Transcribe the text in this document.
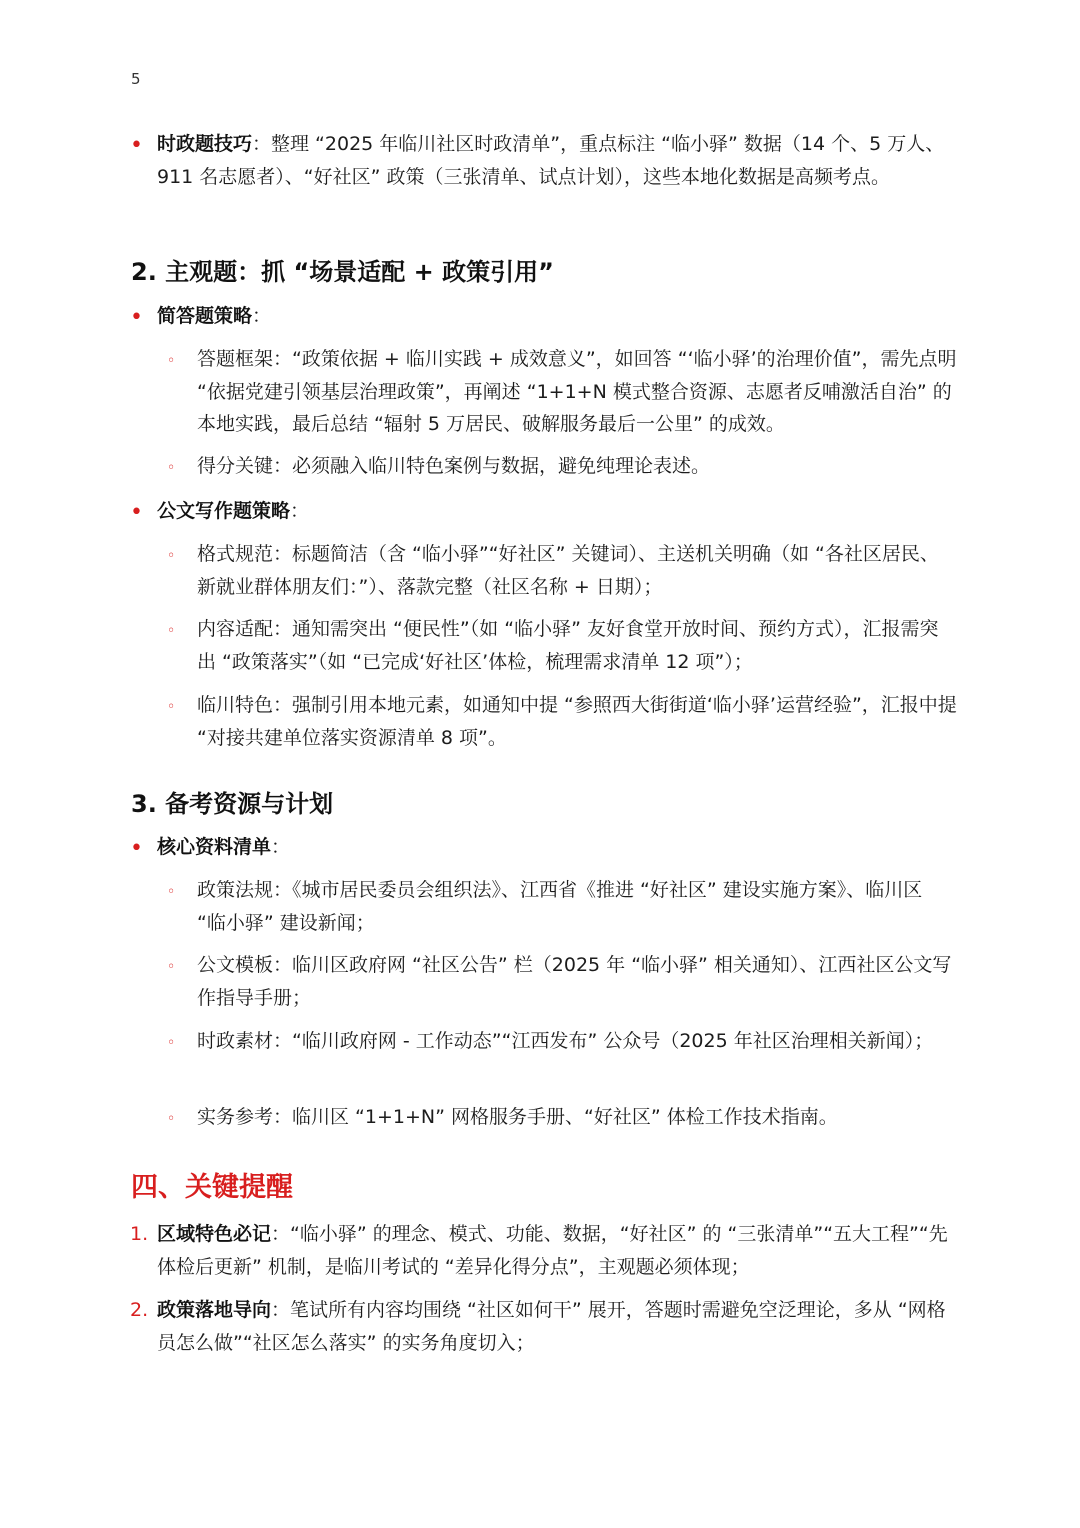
5
• 时政题技巧：整理 “2025 年临川社区时政清单”，重点标注 “临小驿” 数据（14 个、5 万人、911 名志愿者）、“好社区” 政策（三张清单、试点计划），这些本地化数据是高频考点。
2. 主观题：抓 “场景适配 + 政策引用”
• 简答题策略：
◦ 答题框架：“政策依据 + 临川实践 + 成效意义”，如回答 “‘临小驿’的治理价值”，需先点明 “依据党建引领基层治理政策”，再阐述 “1+1+N 模式整合资源、志愿者反哺激活自治” 的本地实践，最后总结 “辐射 5 万居民、破解服务最后一公里” 的成效。
◦ 得分关键：必须融入临川特色案例与数据，避免纯理论表述。
• 公文写作题策略：
◦ 格式规范：标题简洁（含 “临小驿”“好社区” 关键词）、主送机关明确（如 “各社区居民、新就业群体朋友们：”）、落款完整（社区名称 + 日期）；
◦ 内容适配：通知需突出 “便民性”（如 “临小驿” 友好食堂开放时间、预约方式），汇报需突出 “政策落实”（如 “已完成‘好社区’体检，梳理需求清单 12 项”）；
◦ 临川特色：强制引用本地元素，如通知中提 “参照西大街街道‘临小驿’运营经验”，汇报中提 “对接共建单位落实资源清单 8 项”。
3. 备考资源与计划
• 核心资料清单：
◦ 政策法规：《城市居民委员会组织法》、江西省《推进 “好社区” 建设实施方案》、临川区 “临小驿” 建设新闻；
◦ 公文模板：临川区政府网 “社区公告” 栏（2025 年 “临小驿” 相关通知）、江西社区公文写作指导手册；
◦ 时政素材：“临川政府网 - 工作动态”“江西发布” 公众号（2025 年社区治理相关新闻）；
◦ 实务参考：临川区 “1+1+N” 网格服务手册、“好社区” 体检工作技术指南。
四、关键提醒
1. 区域特色必记：“临小驿” 的理念、模式、功能、数据，“好社区” 的 “三张清单”“五大工程”“先体检后更新” 机制，是临川考试的 “差异化得分点”，主观题必须体现；
2. 政策落地导向：笔试所有内容均围绕 “社区如何干” 展开，答题时需避免空泛理论，多从 “网格员怎么做”“社区怎么落实” 的实务角度切入；
